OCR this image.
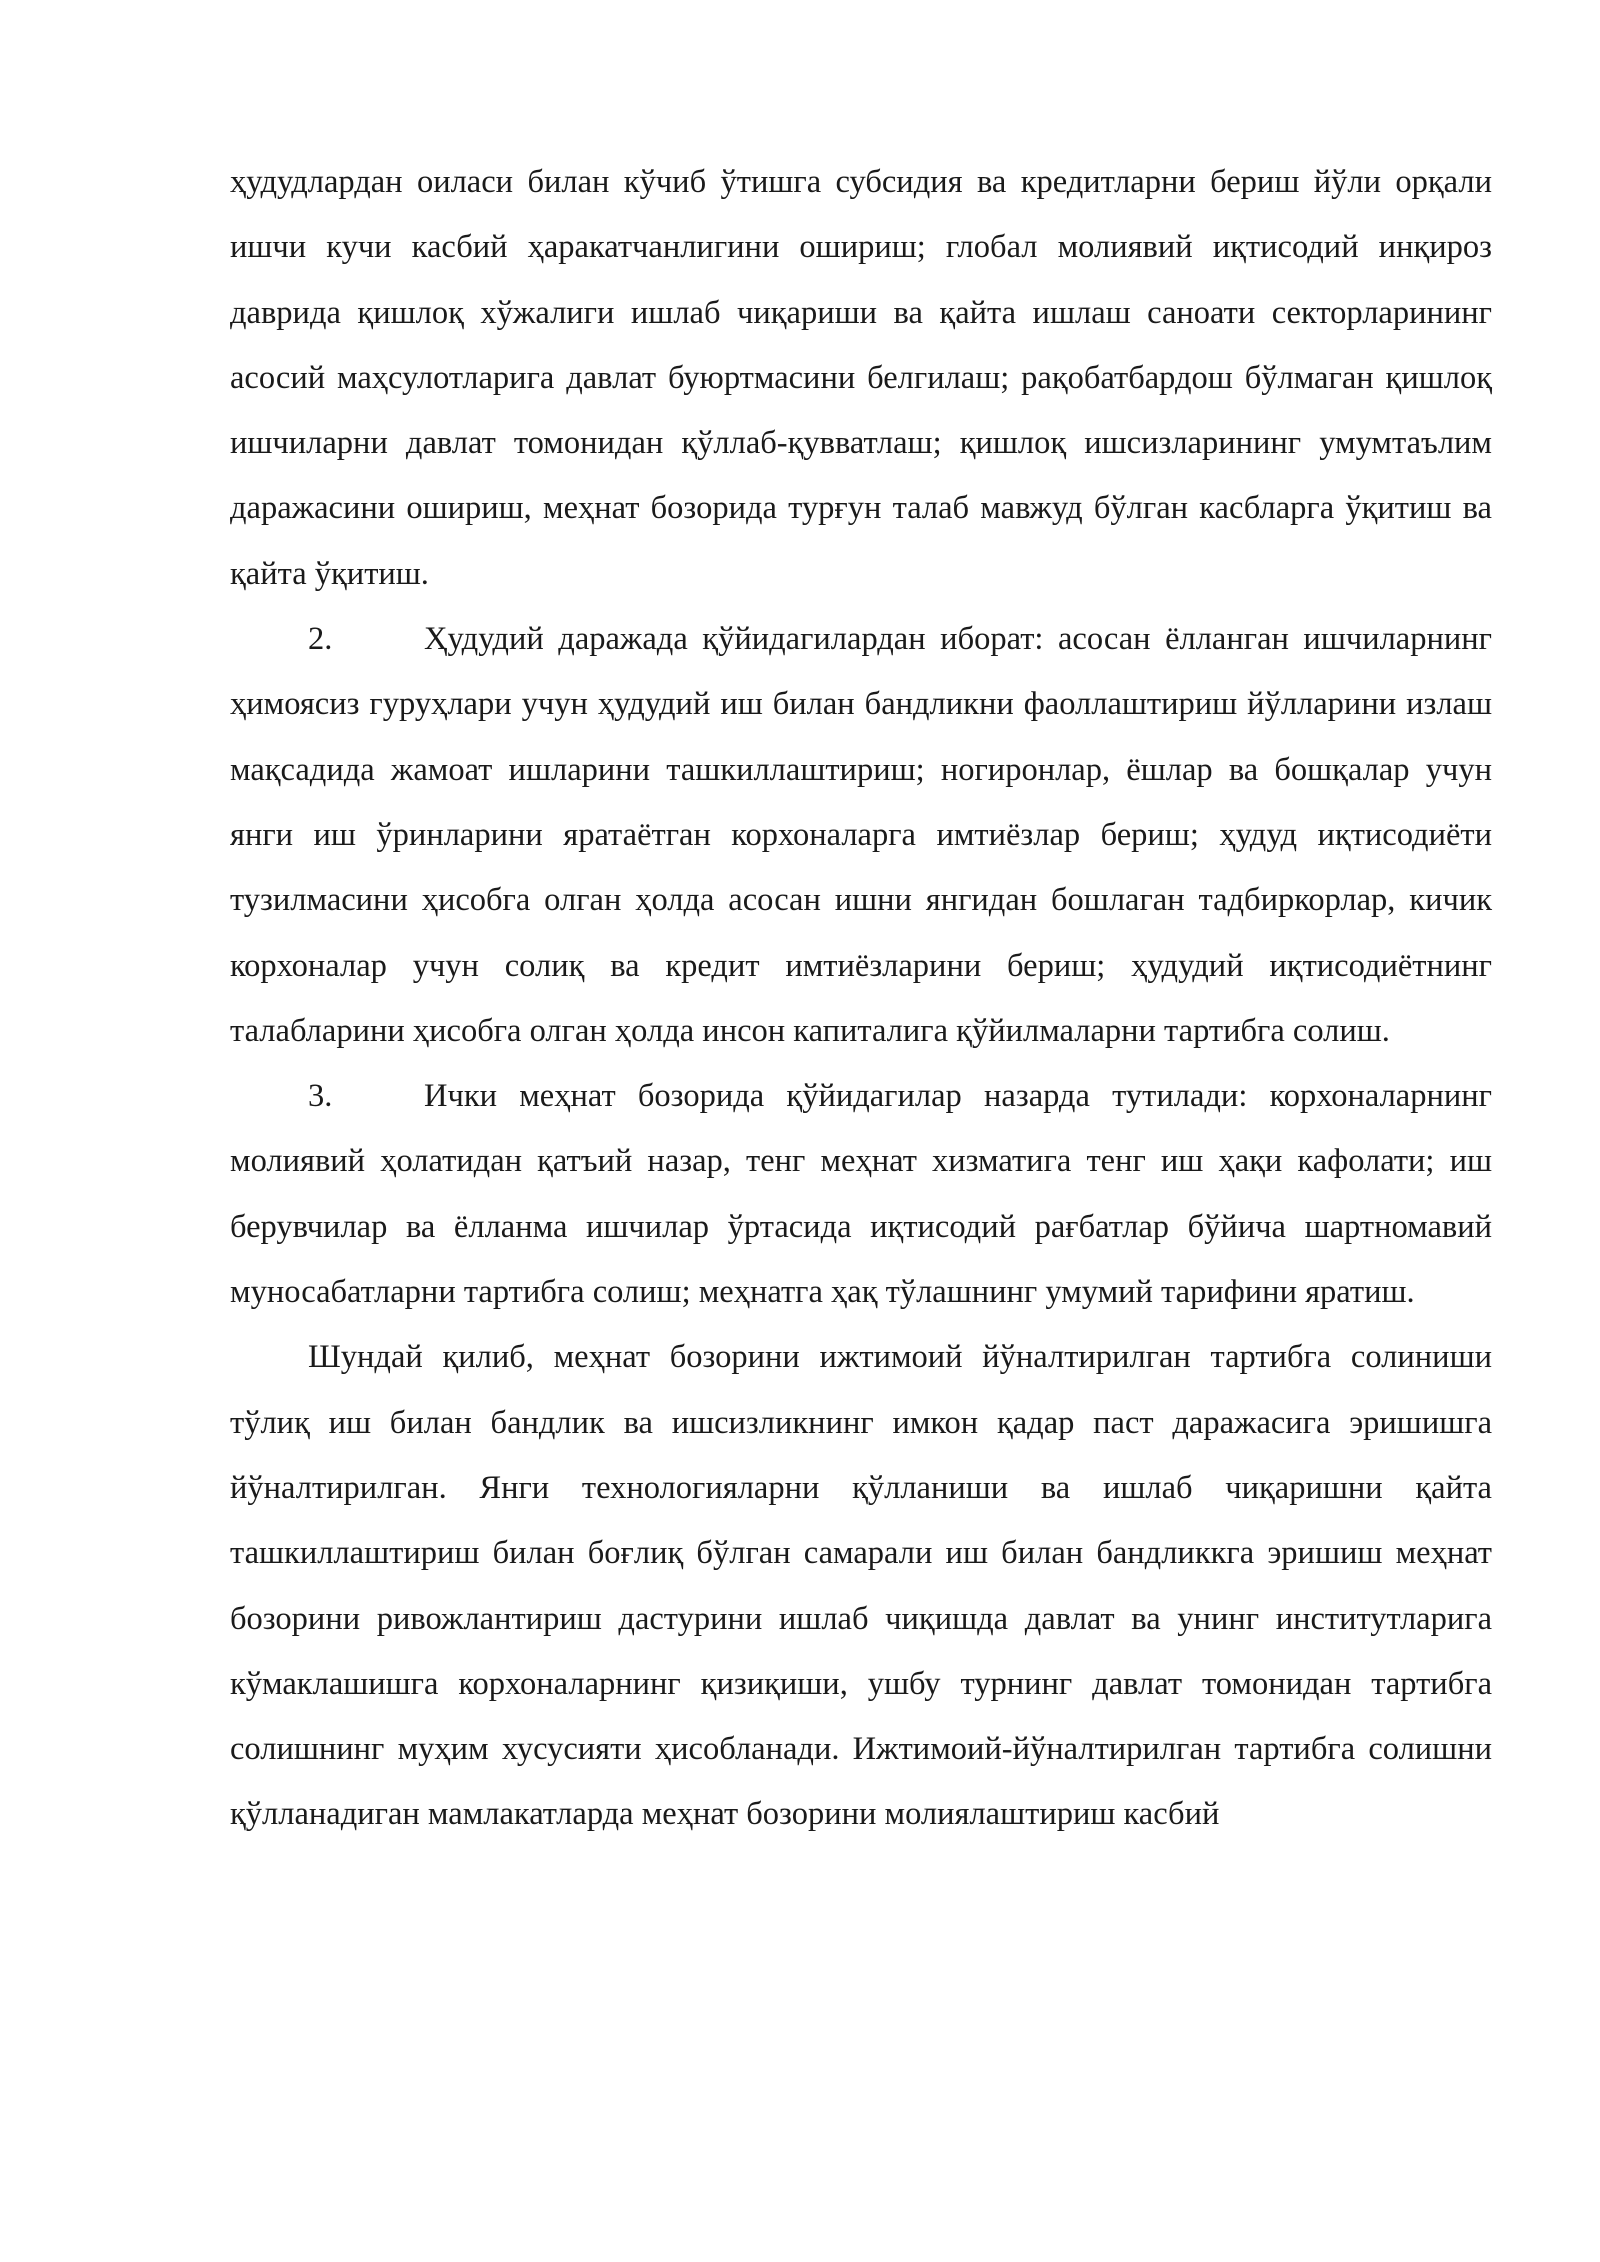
ҳудудлардан оиласи билан кўчиб ўтишга субсидия ва кредитларни бериш йўли орқали ишчи кучи касбий ҳаракатчанлигини ошириш; глобал молиявий иқтисодий инқироз даврида қишлоқ хўжалиги ишлаб чиқариши ва қайта ишлаш саноати секторларининг асосий маҳсулотларига давлат буюртмасини белгилаш; рақобатбардош бўлмаган қишлоқ ишчиларни давлат томонидан қўллаб-қувватлаш; қишлоқ ишсизларининг умумтаълим даражасини ошириш, меҳнат бозорида турғун талаб мавжуд бўлган касбларга ўқитиш ва қайта ўқитиш.

2.	Ҳудудий даражада қўйидагилардан иборат: асосан ёлланган ишчиларнинг ҳимоясиз гуруҳлари учун ҳудудий иш билан бандликни фаоллаштириш йўлларини излаш мақсадида жамоат ишларини ташкиллаштириш; ногиронлар, ёшлар ва бошқалар учун янги иш ўринларини яратаётган корхоналарга имтиёзлар бериш; ҳудуд иқтисодиёти тузилмасини ҳисобга олган ҳолда асосан ишни янгидан бошлаган тадбиркорлар, кичик корхоналар учун солиқ ва кредит имтиёзларини бериш; ҳудудий иқтисодиётнинг талабларини ҳисобга олган ҳолда инсон капиталига қўйилмаларни тартибга солиш.

3.	Ички меҳнат бозорида қўйидагилар назарда тутилади: корхоналарнинг молиявий ҳолатидан қатъий назар, тенг меҳнат хизматига тенг иш ҳақи кафолати; иш берувчилар ва ёлланма ишчилар ўртасида иқтисодий рағбатлар бўйича шартномавий муносабатларни тартибга солиш; меҳнатга ҳақ тўлашнинг умумий тарифини яратиш.

Шундай қилиб, меҳнат бозорини ижтимоий йўналтирилган тартибга солиниши тўлиқ иш билан бандлик ва ишсизликнинг имкон қадар паст даражасига эришишга йўналтирилган. Янги технологияларни қўлланиши ва ишлаб чиқаришни қайта ташкиллаштириш билан боғлиқ бўлган самарали иш билан бандликкга эришиш меҳнат бозорини ривожлантириш дастурини ишлаб чиқишда давлат ва унинг институтларига кўмаклашишга корхоналарнинг қизиқиши, ушбу турнинг давлат томонидан тартибга солишнинг муҳим хусусияти ҳисобланади. Ижтимоий-йўналтирилган тартибга солишни қўлланадиган мамлакатларда меҳнат бозорини молиялаштириш касбий
